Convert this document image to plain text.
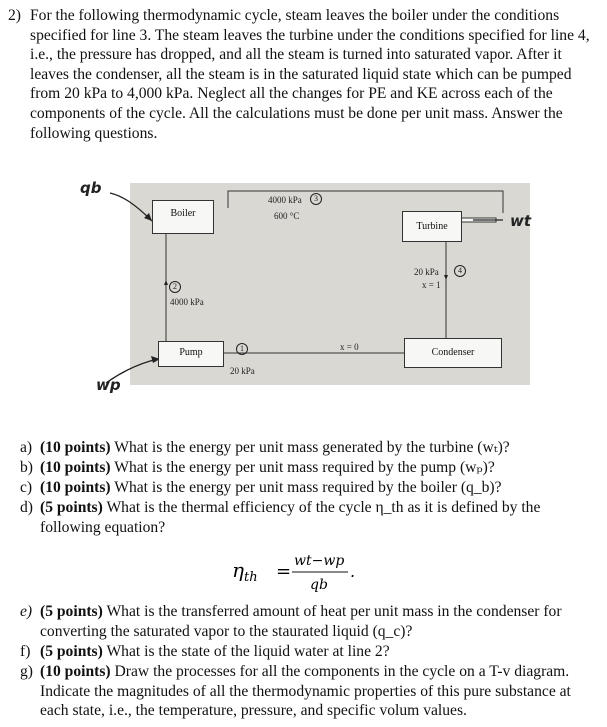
2) For the following thermodynamic cycle, steam leaves the boiler under the conditions
specified for line 3. The steam leaves the turbine under the conditions specified for line 4,
i.e., the pressure has dropped, and all the steam is turned into saturated vapor. After it
leaves the condenser, all the steam is in the saturated liquid state which can be pumped
from 20 kPa to 4,000 kPa. Neglect all the changes for PE and KE across each of the
components of the cycle. All the calculations must be done per unit mass. Answer the
following questions.
qb
wt
wp
Boiler
Turbine
Condenser
Pump
4000 kPa	3
600 °C
20 kPa	4
x = 1
2
4000 kPa
1
20 kPa
x = 0
a) (10 points) What is the energy per unit mass generated by the turbine (wₜ)?
b) (10 points) What is the energy per unit mass required by the pump (wₚ)?
c) (10 points) What is the energy per unit mass required by the boiler (q_b)?
d) (5 points) What is the thermal efficiency of the cycle η_th as it is defined by the
following equation?
η th = wt−wp
qb
.
e) (5 points) What is the transferred amount of heat per unit mass in the condenser for
converting the saturated vapor to the staurated liquid (q_c)?
f) (5 points) What is the state of the liquid water at line 2?
g) (10 points) Draw the processes for all the components in the cycle on a T-v diagram.
Indicate the magnitudes of all the thermodynamic properties of this pure substance at
each state, i.e., the temperature, pressure, and specific volum values.
